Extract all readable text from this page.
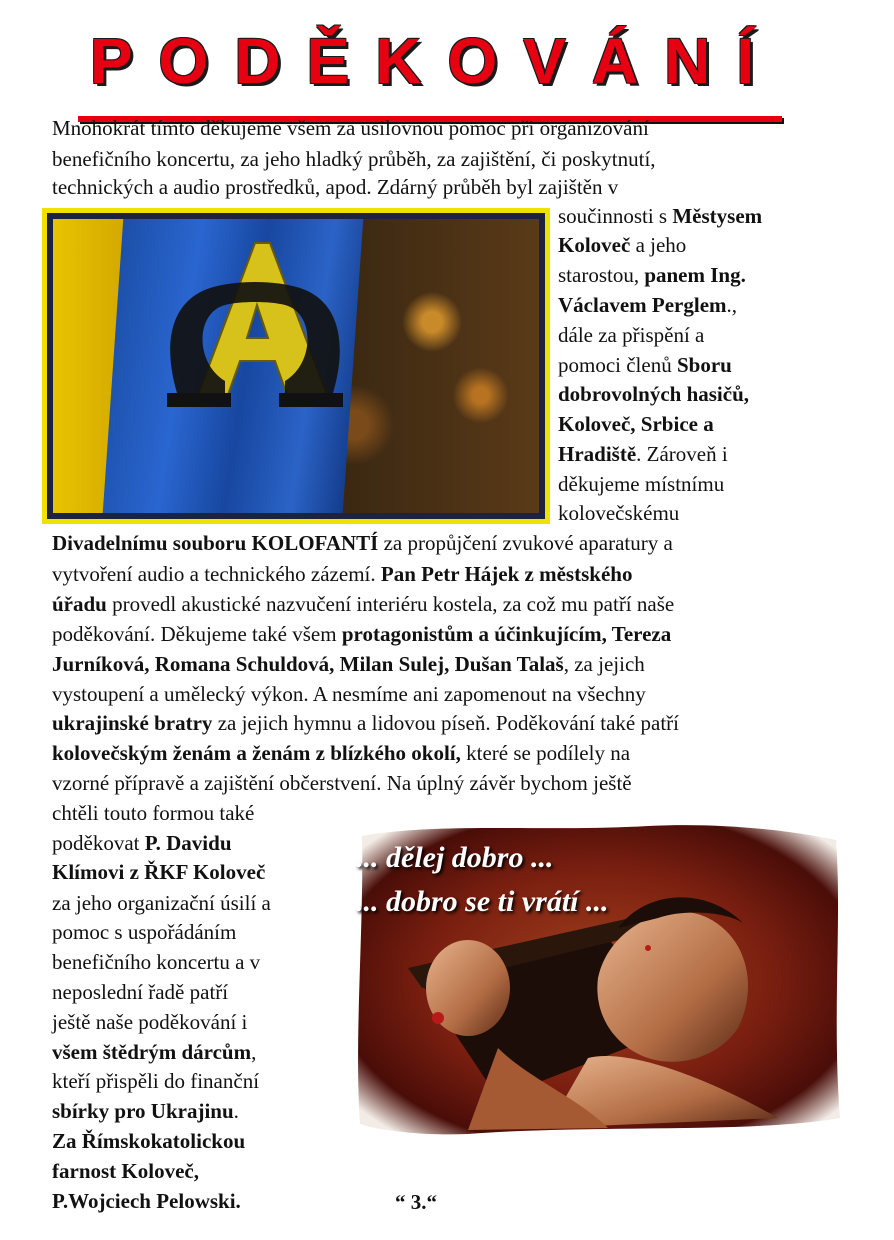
PODĚKOVÁNÍ
Mnohokrát tímto děkujeme všem za usilovnou pomoc při organizování
benefičního koncertu, za jeho hladký průběh, za zajištění, či poskytnutí,
technických a audio prostředků, apod. Zdárný průběh byl zajištěn v
součinnosti s Městysem
Koloveč a jeho
starostou, panem Ing.
Václavem Perglem.,
dále za přispění a
pomoci členů Sboru
dobrovolných hasičů,
Koloveč, Srbice a
Hradiště. Zároveň i
děkujeme místnímu
kolovečskému
Divadelnímu souboru KOLOFANTÍ za propůjčení zvukové aparatury a
vytvoření audio a technického zázemí. Pan Petr Hájek z městského
úřadu provedl akustické nazvučení interiéru kostela, za což mu patří naše
poděkování. Děkujeme také všem protagonistům a účinkujícím, Tereza
Jurníková, Romana Schuldová, Milan Sulej, Dušan Talaš, za jejich
vystoupení a umělecký výkon. A nesmíme ani zapomenout na všechny
ukrajinské bratry za jejich hymnu a lidovou píseň. Poděkování také patří
kolovečským ženám a ženám z blízkého okolí, které se podílely na
vzorné přípravě a zajištění občerstvení. Na úplný závěr bychom ještě
... dělej dobro ...
... dobro se ti vrátí ...
chtěli touto formou také
poděkovat P. Davidu
Klímovi z ŘKF Koloveč
za jeho organizační úsilí a
pomoc s uspořádáním
benefičního koncertu a v
neposlední řadě patří
ještě naše poděkování i
všem štědrým dárcům,
kteří přispěli do finanční
sbírky pro Ukrajinu.
Za Římskokatolickou
farnost Koloveč,
P.Wojciech Pelowski.	“ 3.“
